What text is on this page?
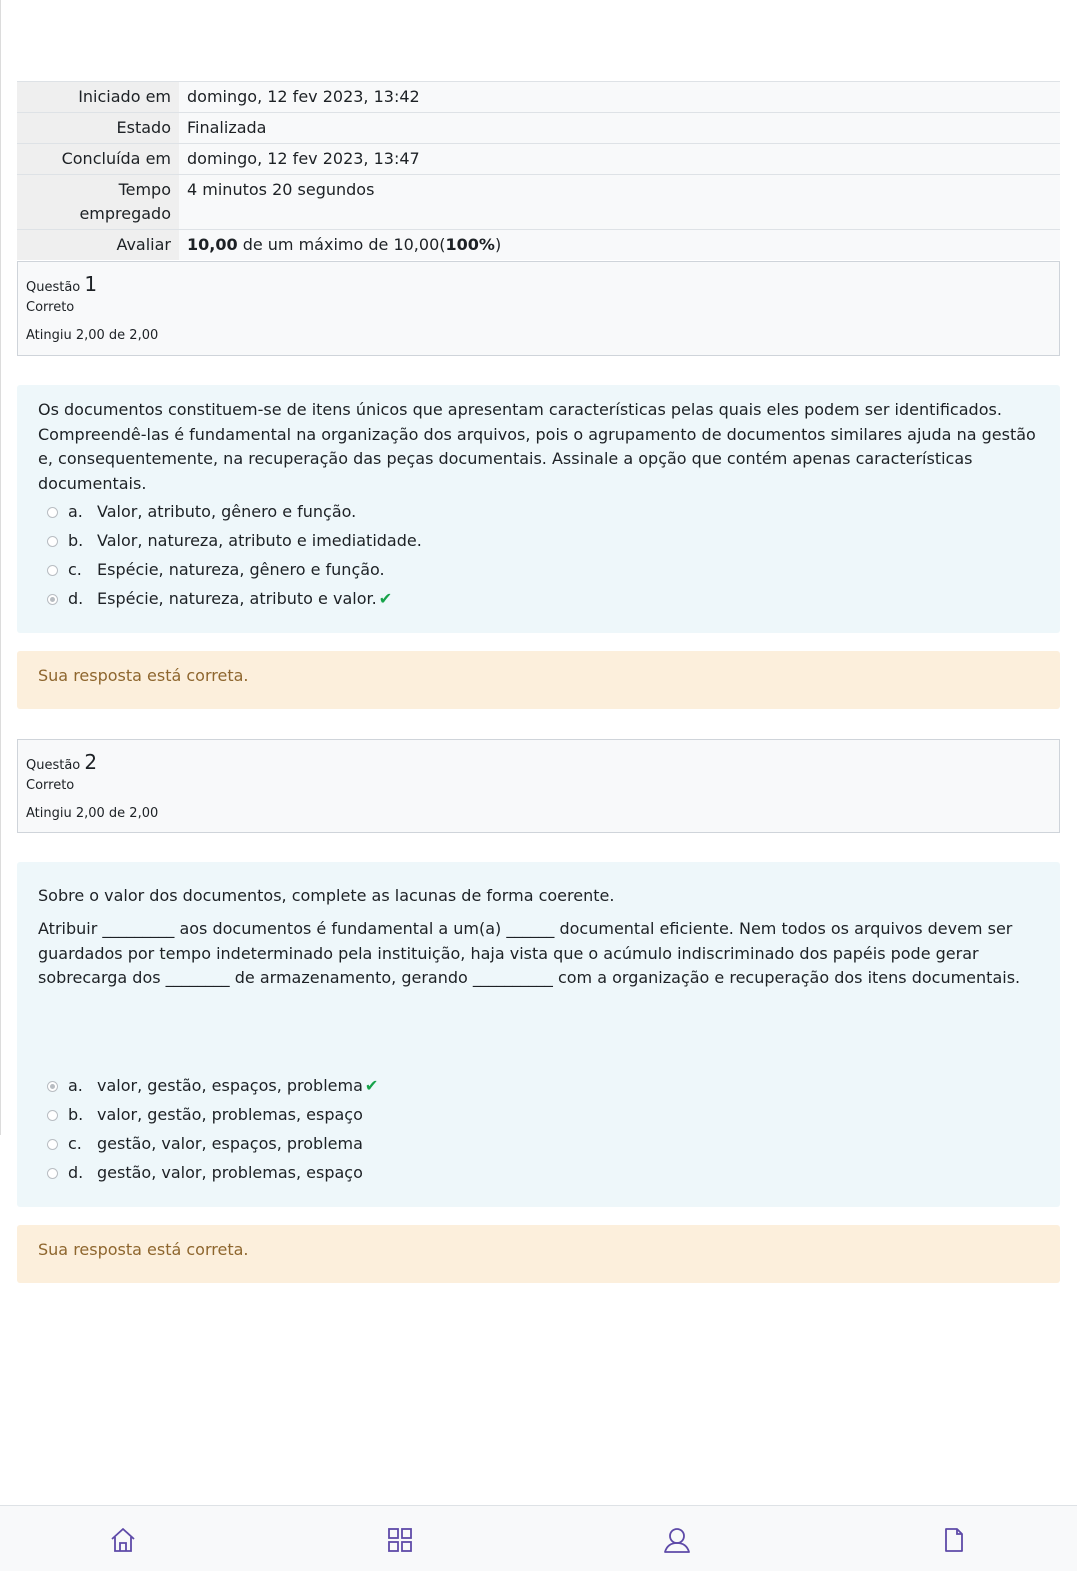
Iniciado em	domingo, 12 fev 2023, 13:42
Estado	Finalizada
Concluída em	domingo, 12 fev 2023, 13:47
Tempo empregado	4 minutos 20 segundos
Avaliar	10,00 de um máximo de 10,00(100%)
Questão 1
Correto
Atingiu 2,00 de 2,00
Os documentos constituem-se de itens únicos que apresentam características pelas quais eles podem ser identificados. Compreendê-las é fundamental na organização dos arquivos, pois o agrupamento de documentos similares ajuda na gestão e, consequentemente, na recuperação das peças documentais. Assinale a opção que contém apenas características documentais.
a. Valor, atributo, gênero e função.
b. Valor, natureza, atributo e imediatidade.
c. Espécie, natureza, gênero e função.
d. Espécie, natureza, atributo e valor. ✔
Sua resposta está correta.
Questão 2
Correto
Atingiu 2,00 de 2,00
Sobre o valor dos documentos, complete as lacunas de forma coerente.
Atribuir _________ aos documentos é fundamental a um(a) ______ documental eficiente. Nem todos os arquivos devem ser guardados por tempo indeterminado pela instituição, haja vista que o acúmulo indiscriminado dos papéis pode gerar sobrecarga dos ________ de armazenamento, gerando __________ com a organização e recuperação dos itens documentais.
a. valor, gestão, espaços, problema ✔
b. valor, gestão, problemas, espaço
c. gestão, valor, espaços, problema
d. gestão, valor, problemas, espaço
Sua resposta está correta.
